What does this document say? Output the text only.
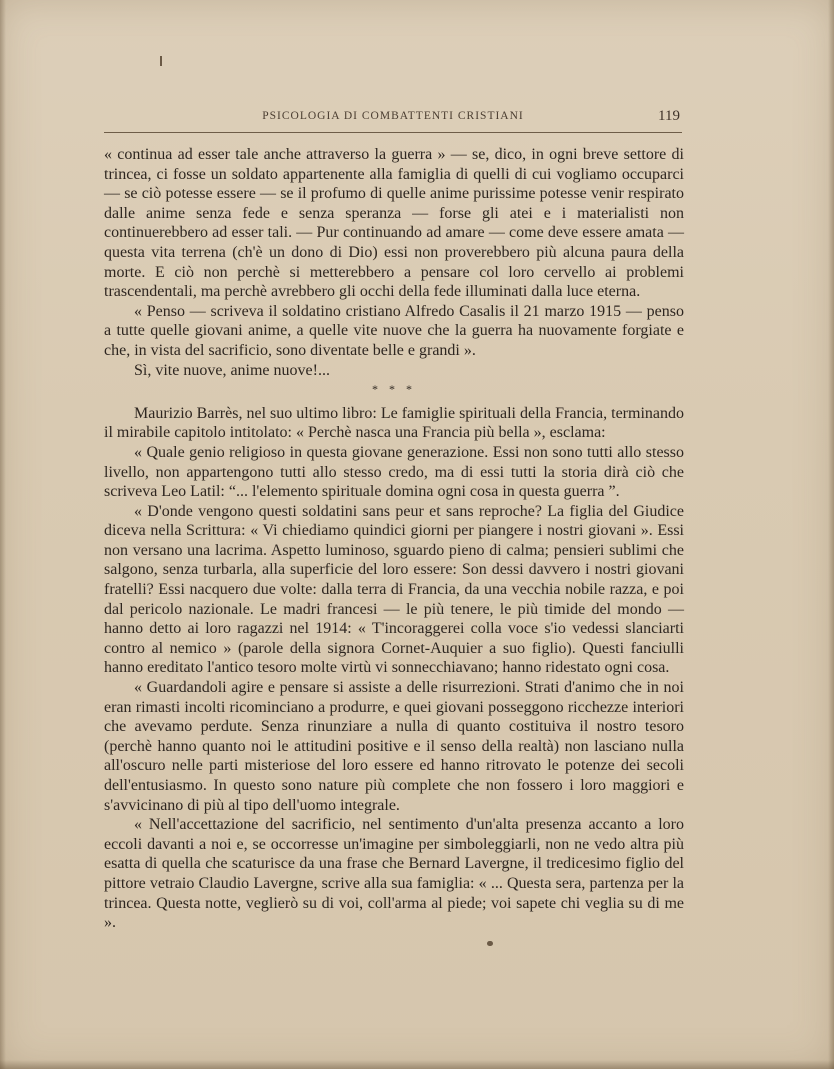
PSICOLOGIA DI COMBATTENTI CRISTIANI	119

« continua ad esser tale anche attraverso la guerra » — se, dico, in ogni breve settore di trincea, ci fosse un soldato appartenente alla famiglia di quelli di cui vogliamo occuparci — se ciò potesse essere — se il profumo di quelle anime purissime potesse venir respirato dalle anime senza fede e senza speranza — forse gli atei e i materialisti non continuerebbero ad esser tali. — Pur continuando ad amare — come deve essere amata — questa vita terrena (ch'è un dono di Dio) essi non proverebbero più alcuna paura della morte. E ciò non perchè si metterebbero a pensare col loro cervello ai problemi trascendentali, ma perchè avrebbero gli occhi della fede illuminati dalla luce eterna.

« Penso — scriveva il soldatino cristiano Alfredo Casalis il 21 marzo 1915 — penso a tutte quelle giovani anime, a quelle vite nuove che la guerra ha nuovamente forgiate e che, in vista del sacrificio, sono diventate belle e grandi ».

Sì, vite nuove, anime nuove!...

* * *

Maurizio Barrès, nel suo ultimo libro: Le famiglie spirituali della Francia, terminando il mirabile capitolo intitolato: « Perchè nasca una Francia più bella », esclama:

« Quale genio religioso in questa giovane generazione. Essi non sono tutti allo stesso livello, non appartengono tutti allo stesso credo, ma di essi tutti la storia dirà ciò che scriveva Leo Latil: “... l'elemento spirituale domina ogni cosa in questa guerra ”.

« D'onde vengono questi soldatini sans peur et sans reproche? La figlia del Giudice diceva nella Scrittura: « Vi chiediamo quindici giorni per piangere i nostri giovani ». Essi non versano una lacrima. Aspetto luminoso, sguardo pieno di calma; pensieri sublimi che salgono, senza turbarla, alla superficie del loro essere: Son dessi davvero i nostri giovani fratelli? Essi nacquero due volte: dalla terra di Francia, da una vecchia nobile razza, e poi dal pericolo nazionale. Le madri francesi — le più tenere, le più timide del mondo — hanno detto ai loro ragazzi nel 1914: « T'incoraggerei colla voce s'io vedessi slanciarti contro al nemico » (parole della signora Cornet-Auquier a suo figlio). Questi fanciulli hanno ereditato l'antico tesoro molte virtù vi sonnecchiavano; hanno ridestato ogni cosa.

« Guardandoli agire e pensare si assiste a delle risurrezioni. Strati d'animo che in noi eran rimasti incolti ricominciano a produrre, e quei giovani posseggono ricchezze interiori che avevamo perdute. Senza rinunziare a nulla di quanto costituiva il nostro tesoro (perchè hanno quanto noi le attitudini positive e il senso della realtà) non lasciano nulla all'oscuro nelle parti misteriose del loro essere ed hanno ritrovato le potenze dei secoli dell'entusiasmo. In questo sono nature più complete che non fossero i loro maggiori e s'avvicinano di più al tipo dell'uomo integrale.

« Nell'accettazione del sacrificio, nel sentimento d'un'alta presenza accanto a loro eccoli davanti a noi e, se occorresse un'imagine per simboleggiarli, non ne vedo altra più esatta di quella che scaturisce da una frase che Bernard Lavergne, il tredicesimo figlio del pittore vetraio Claudio Lavergne, scrive alla sua famiglia: « ... Questa sera, partenza per la trincea. Questa notte, veglierò su di voi, coll'arma al piede; voi sapete chi veglia su di me ».
